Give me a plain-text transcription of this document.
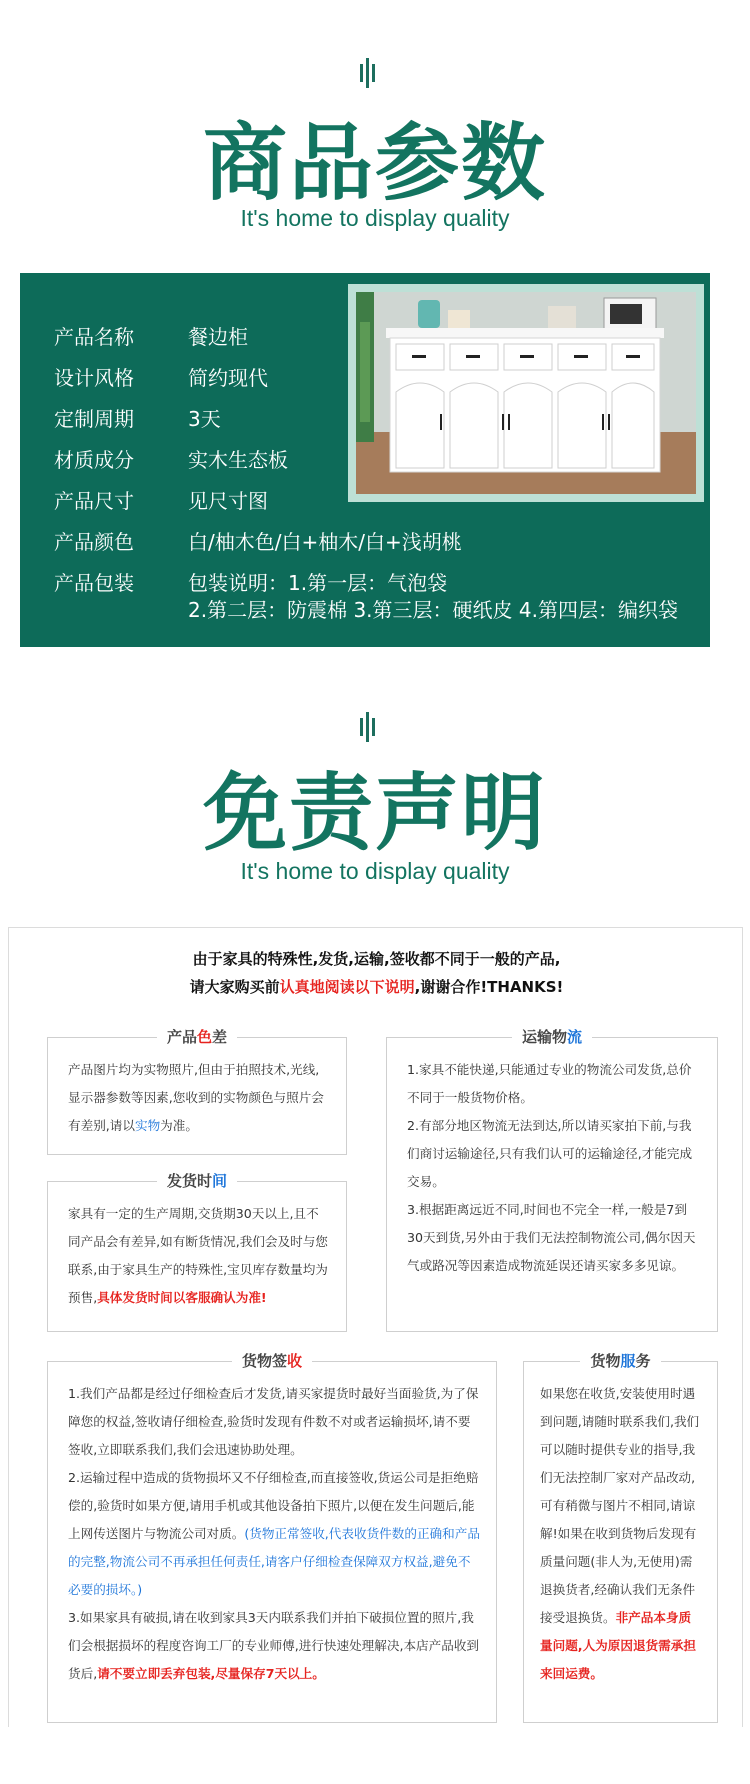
商品参数
It's home to display quality
产品名称	餐边柜
设计风格	简约现代
定制周期	3天
材质成分	实木生态板
产品尺寸	见尺寸图
产品颜色	白/柚木色/白+柚木/白+浅胡桃
产品包装	包装说明：1.第一层：气泡袋
2.第二层：防震棉 3.第三层：硬纸皮 4.第四层：编织袋
免责声明
It's home to display quality
由于家具的特殊性,发货,运输,签收都不同于一般的产品,
请大家购买前认真地阅读以下说明,谢谢合作!THANKS!
产品色差

产品图片均为实物照片,但由于拍照技术,光线,显示器参数等因素,您收到的实物颜色与照片会有差别,请以实物为准。

发货时间

家具有一定的生产周期,交货期30天以上,且不同产品会有差异,如有断货情况,我们会及时与您联系,由于家具生产的特殊性,宝贝库存数量均为预售,具体发货时间以客服确认为准!

运输物流

1.家具不能快递,只能通过专业的物流公司发货,总价不同于一般货物价格。

2.有部分地区物流无法到达,所以请买家拍下前,与我们商讨运输途径,只有我们认可的运输途径,才能完成交易。

3.根据距离远近不同,时间也不完全一样,一般是7到30天到货,另外由于我们无法控制物流公司,偶尔因天气或路况等因素造成物流延误还请买家多多见谅。

货物签收

1.我们产品都是经过仔细检查后才发货,请买家提货时最好当面验货,为了保障您的权益,签收请仔细检查,验货时发现有件数不对或者运输损坏,请不要签收,立即联系我们,我们会迅速协助处理。

2.运输过程中造成的货物损坏又不仔细检查,而直接签收,货运公司是拒绝赔偿的,验货时如果方便,请用手机或其他设备拍下照片,以便在发生问题后,能上网传送图片与物流公司对质。(货物正常签收,代表收货件数的正确和产品的完整,物流公司不再承担任何责任,请客户仔细检查保障双方权益,避免不必要的损坏。)

3.如果家具有破损,请在收到家具3天内联系我们并拍下破损位置的照片,我们会根据损坏的程度咨询工厂的专业师傅,进行快速处理解决,本店产品收到货后,请不要立即丢弃包装,尽量保存7天以上。

货物服务

如果您在收货,安装使用时遇到问题,请随时联系我们,我们可以随时提供专业的指导,我们无法控制厂家对产品改动,可有稍微与图片不相同,请谅解!如果在收到货物后发现有质量问题(非人为,无使用)需退换货者,经确认我们无条件接受退换货。非产品本身质量问题,人为原因退货需承担来回运费。
